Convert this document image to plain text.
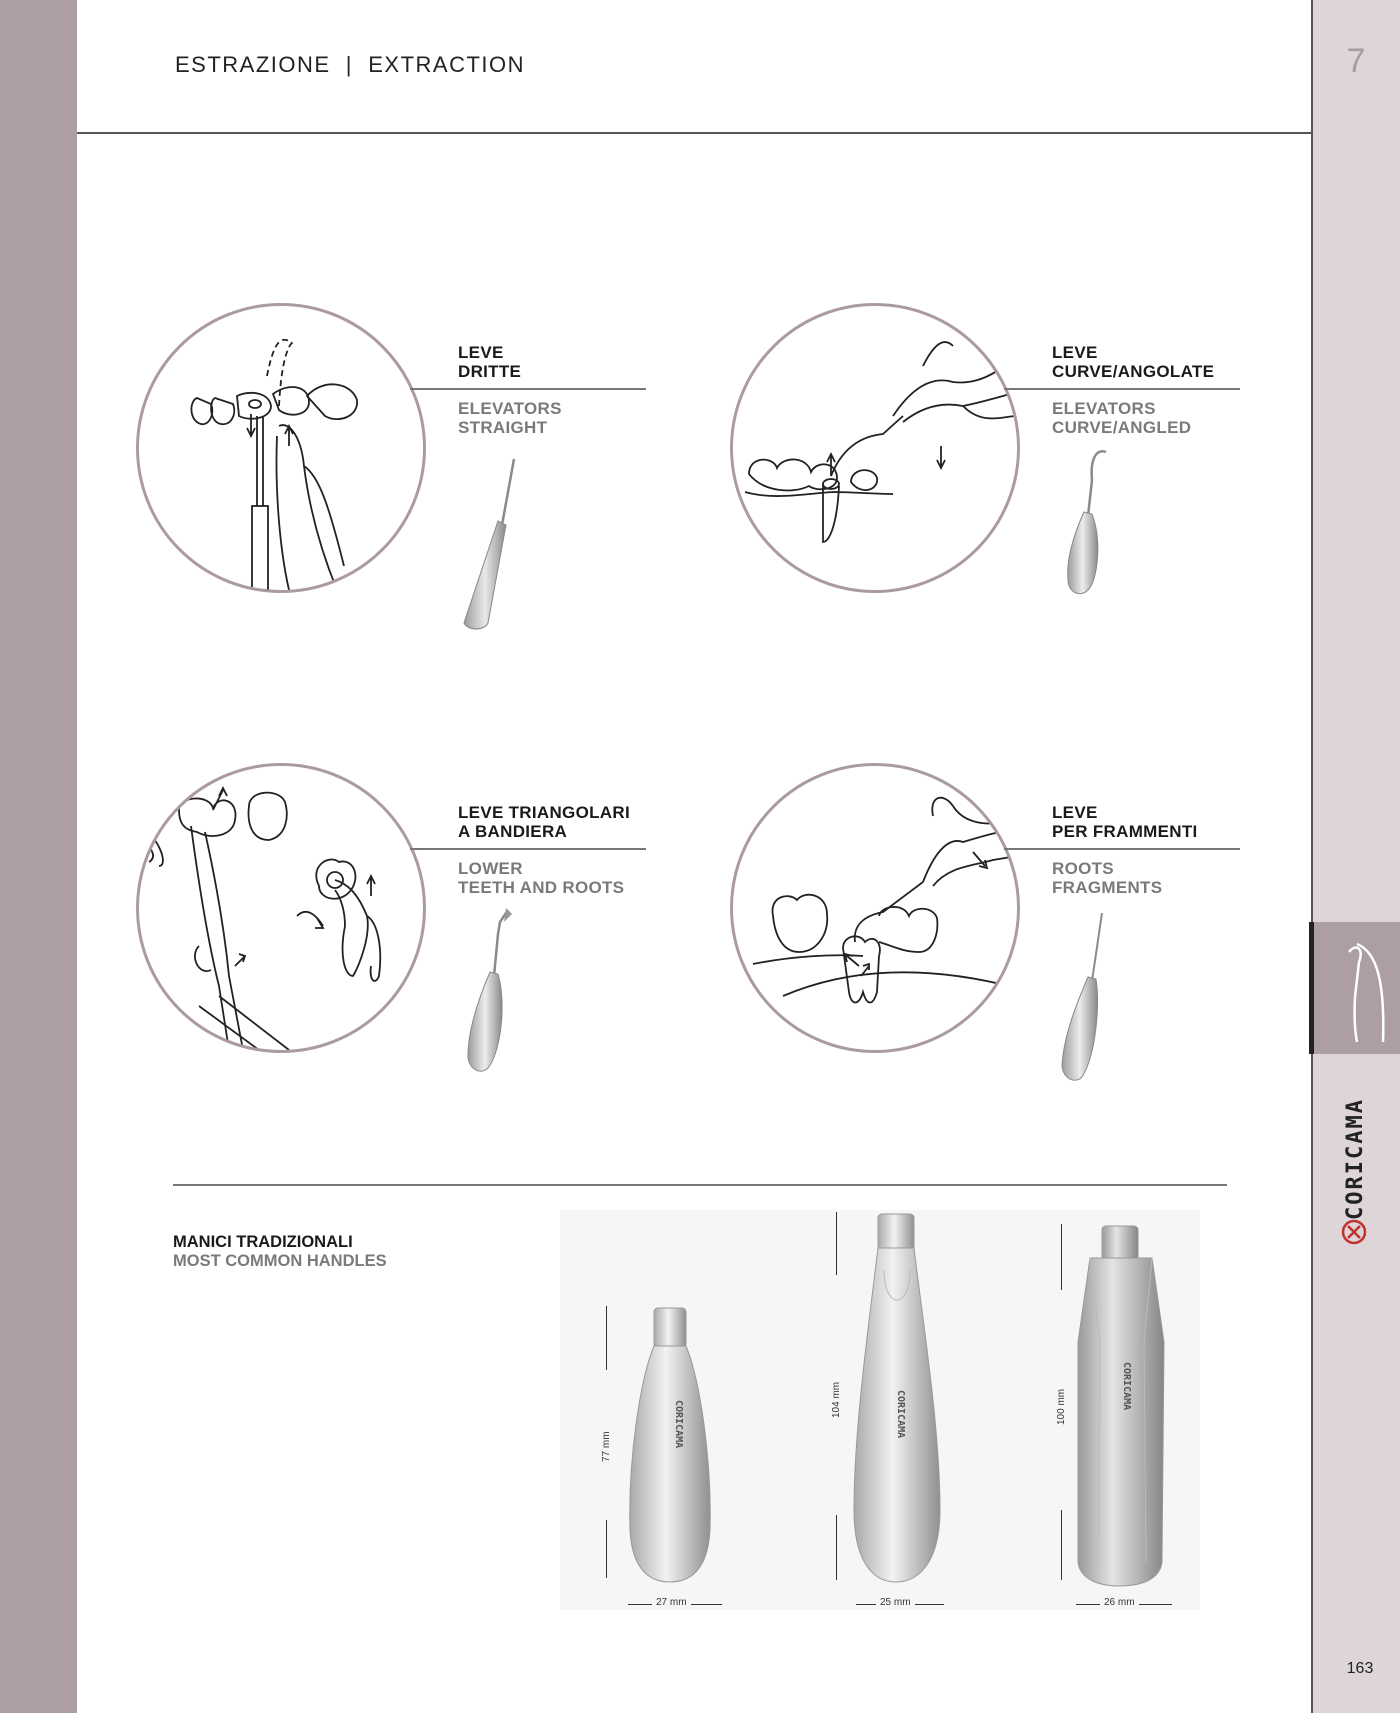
ESTRAZIONE  |  EXTRACTION	7
CORICAMA
LEVE
DRITTE
ELEVATORS
STRAIGHT
LEVE
CURVE/ANGOLATE
ELEVATORS
CURVE/ANGLED
LEVE TRIANGOLARI
A BANDIERA
LOWER
TEETH AND ROOTS
LEVE
PER FRAMMENTI
ROOTS
FRAGMENTS
MANICI TRADIZIONALI
MOST COMMON HANDLES
CORICAMA
77 mm
27 mm
CORICAMA
104 mm
25 mm
CORICAMA
100 mm
26 mm
163
